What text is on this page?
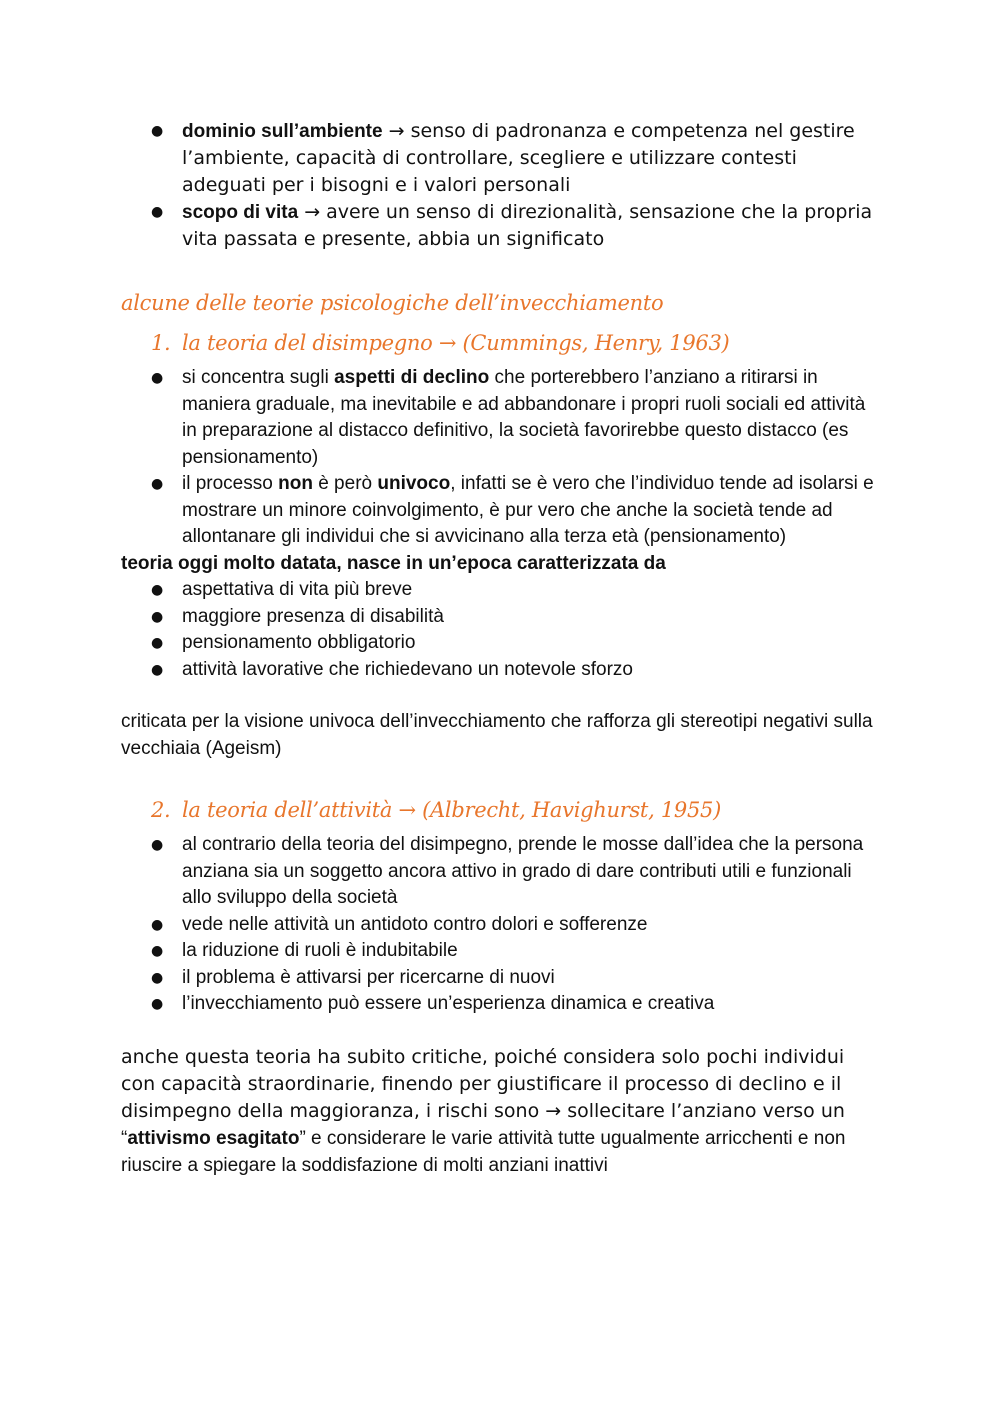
● dominio sull’ambiente → senso di padronanza e competenza nel gestire l’ambiente, capacità di controllare, scegliere e utilizzare contesti adeguati per i bisogni e i valori personali
● scopo di vita → avere un senso di direzionalità, sensazione che la propria vita passata e presente, abbia un significato
alcune delle teorie psicologiche dell’invecchiamento
1. la teoria del disimpegno → (Cummings, Henry, 1963)
● si concentra sugli aspetti di declino che porterebbero l’anziano a ritirarsi in maniera graduale, ma inevitabile e ad abbandonare i propri ruoli sociali ed attività in preparazione al distacco definitivo, la società favorirebbe questo distacco (es pensionamento)
● il processo non è però univoco, infatti se è vero che l’individuo tende ad isolarsi e mostrare un minore coinvolgimento, è pur vero che anche la società tende ad allontanare gli individui che si avvicinano alla terza età (pensionamento)

teoria oggi molto datata, nasce in un’epoca caratterizzata da

● aspettativa di vita più breve
● maggiore presenza di disabilità
● pensionamento obbligatorio
● attività lavorative che richiedevano un notevole sforzo

criticata per la visione univoca dell’invecchiamento che rafforza gli stereotipi negativi sulla vecchiaia (Ageism)

2. la teoria dell’attività → (Albrecht, Havighurst, 1955)
● al contrario della teoria del disimpegno, prende le mosse dall’idea che la persona anziana sia un soggetto ancora attivo in grado di dare contributi utili e funzionali allo sviluppo della società
● vede nelle attività un antidoto contro dolori e sofferenze
● la riduzione di ruoli è indubitabile
● il problema è attivarsi per ricercarne di nuovi
● l’invecchiamento può essere un’esperienza dinamica e creativa

anche questa teoria ha subito critiche, poiché considera solo pochi individui con capacità straordinarie, finendo per giustificare il processo di declino e il disimpegno della maggioranza, i rischi sono → sollecitare l’anziano verso un “attivismo esagitato” e considerare le varie attività tutte ugualmente arricchenti e non riuscire a spiegare la soddisfazione di molti anziani inattivi
